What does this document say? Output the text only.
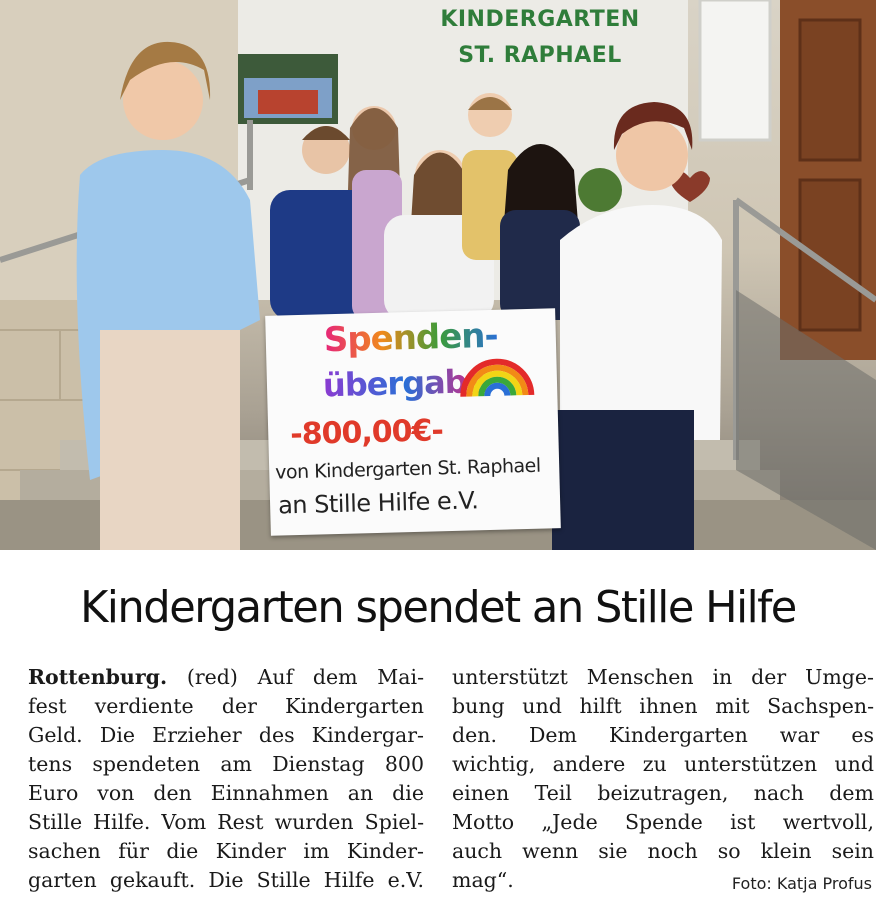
KINDERGARTEN
ST. RAPHAEL
Spenden-
übergabe
-800,00€-
von Kindergarten St. Raphael
an Stille Hilfe e.V.
Kindergarten spendet an Stille Hilfe
Rottenburg. (red) Auf dem Mai-
fest verdiente der Kindergarten
Geld. Die Erzieher des Kindergar-
tens spendeten am Dienstag 800
Euro von den Einnahmen an die
Stille Hilfe. Vom Rest wurden Spiel-
sachen für die Kinder im Kinder-
garten gekauft. Die Stille Hilfe e.V.
unterstützt Menschen in der Umge-
bung und hilft ihnen mit Sachspen-
den. Dem Kindergarten war es
wichtig, andere zu unterstützen und
einen Teil beizutragen, nach dem
Motto „Jede Spende ist wertvoll,
auch wenn sie noch so klein sein
mag“.	Foto: Katja Profus
